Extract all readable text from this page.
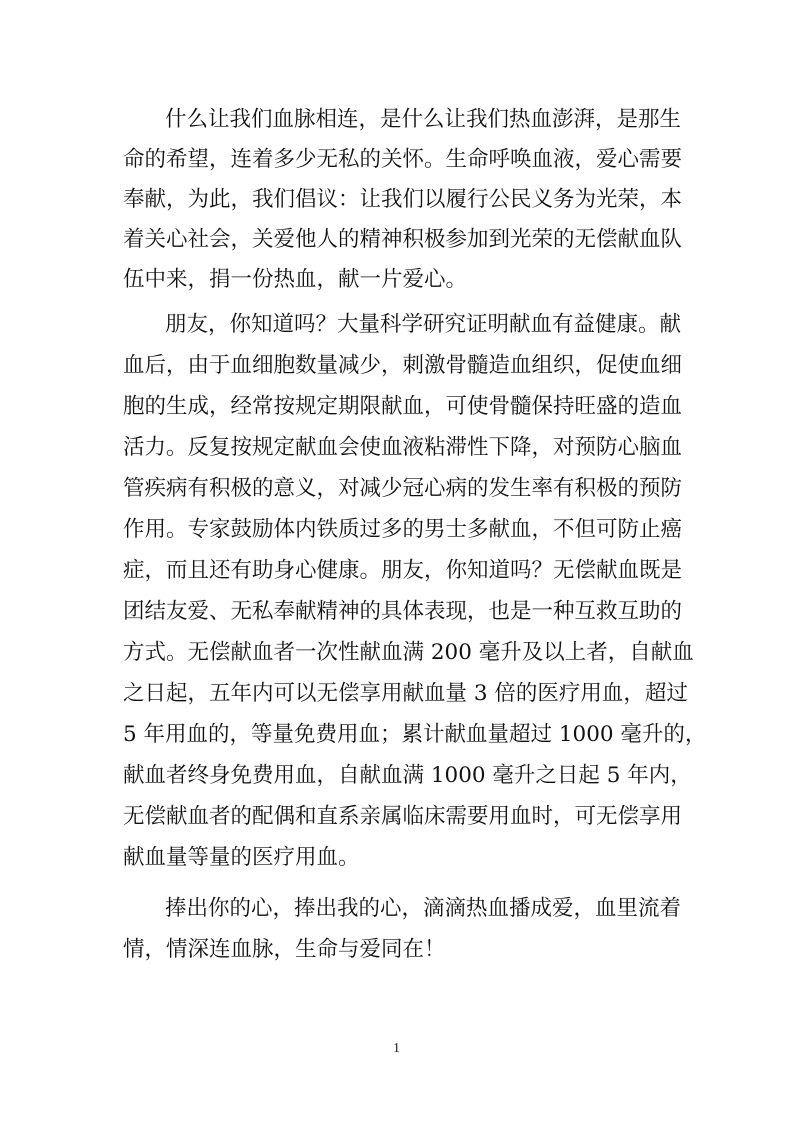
什么让我们血脉相连，是什么让我们热血澎湃，是那生
命的希望，连着多少无私的关怀。生命呼唤血液，爱心需要
奉献，为此，我们倡议：让我们以履行公民义务为光荣，本
着关心社会，关爱他人的精神积极参加到光荣的无偿献血队
伍中来，捐一份热血，献一片爱心。
朋友，你知道吗？大量科学研究证明献血有益健康。献
血后，由于血细胞数量减少，刺激骨髓造血组织，促使血细
胞的生成，经常按规定期限献血，可使骨髓保持旺盛的造血
活力。反复按规定献血会使血液粘滞性下降，对预防心脑血
管疾病有积极的意义，对减少冠心病的发生率有积极的预防
作用。专家鼓励体内铁质过多的男士多献血，不但可防止癌
症，而且还有助身心健康。朋友，你知道吗？无偿献血既是
团结友爱、无私奉献精神的具体表现，也是一种互救互助的
方式。无偿献血者一次性献血满 200 毫升及以上者，自献血
之日起，五年内可以无偿享用献血量 3 倍的医疗用血，超过
5 年用血的，等量免费用血；累计献血量超过 1000 毫升的，
献血者终身免费用血，自献血满 1000 毫升之日起 5 年内，
无偿献血者的配偶和直系亲属临床需要用血时，可无偿享用
献血量等量的医疗用血。
捧出你的心，捧出我的心，滴滴热血播成爱，血里流着
情，情深连血脉，生命与爱同在！
1
